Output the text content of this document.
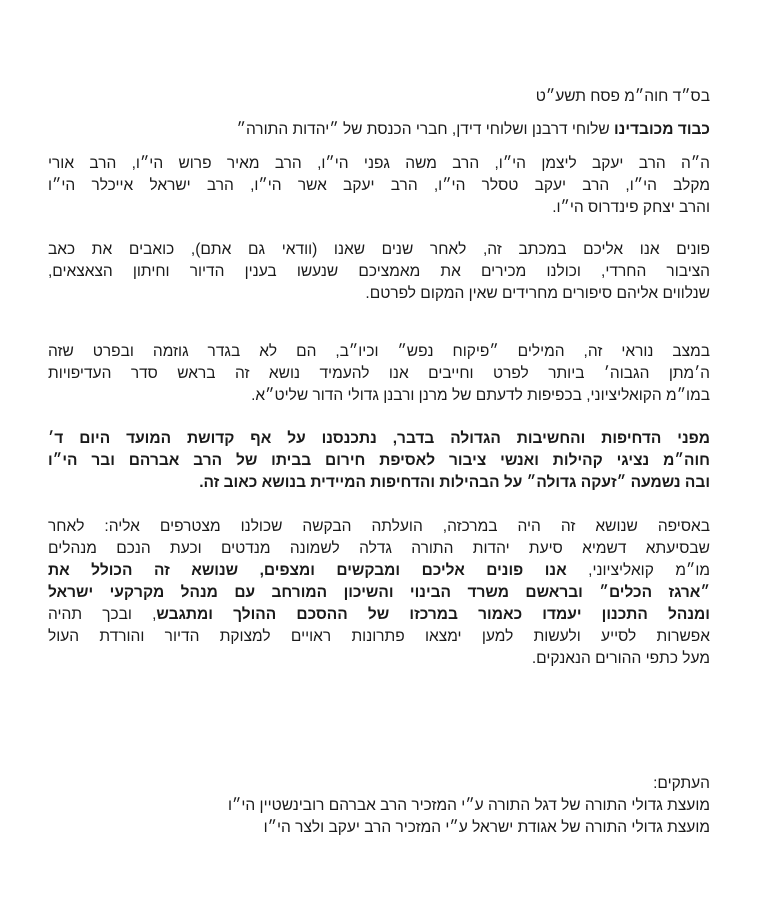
בס״ד חוה״מ פסח תשע״ט

כבוד מכובדינו שלוחי דרבנן ושלוחי דידן, חברי הכנסת של ״יהדות התורה״

ה״ה הרב יעקב ליצמן הי״ו, הרב משה גפני הי״ו, הרב מאיר פרוש הי״ו, הרב אורי
מקלב הי״ו, הרב יעקב טסלר הי״ו, הרב יעקב אשר הי״ו, הרב ישראל אייכלר הי״ו
והרב יצחק פינדרוס הי״ו.

פונים אנו אליכם במכתב זה, לאחר שנים שאנו (וודאי גם אתם), כואבים את כאב
הציבור החרדי, וכולנו מכירים את מאמציכם שנעשו בענין הדיור וחיתון הצאצאים,
שנלווים אליהם סיפורים מחרידים שאין המקום לפרטם.

במצב נוראי זה, המילים ״פיקוח נפש״ וכיו״ב, הם לא בגדר גוזמה ובפרט שזה
ה׳מתן הגבוה׳ ביותר לפרט וחייבים אנו להעמיד נושא זה בראש סדר העדיפויות
במו״מ הקואליציוני, בכפיפות לדעתם של מרנן ורבנן גדולי הדור שליט״א.

מפני הדחיפות והחשיבות הגדולה בדבר, נתכנסנו על אף קדושת המועד היום ד׳
חוה״מ נציגי קהילות ואנשי ציבור לאסיפת חירום בביתו של הרב אברהם ובר הי״ו
ובה נשמעה ״זעקה גדולה״ על הבהילות והדחיפות המיידית בנושא כאוב זה.

באסיפה שנושא זה היה במרכזה, הועלתה הבקשה שכולנו מצטרפים אליה: לאחר
שבסיעתא דשמיא סיעת יהדות התורה גדלה לשמונה מנדטים וכעת הנכם מנהלים
מו״מ קואליציוני, אנו פונים אליכם ומבקשים ומצפים, שנושא זה הכולל את
״ארגז הכלים״ ובראשם משרד הבינוי והשיכון המורחב עם מנהל מקרקעי ישראל
ומנהל התכנון יעמדו כאמור במרכזו של ההסכם ההולך ומתגבש, ובכך תהיה
אפשרות לסייע ולעשות למען ימצאו פתרונות ראויים למצוקת הדיור והורדת העול
מעל כתפי ההורים הנאנקים.

העתקים:
מועצת גדולי התורה של דגל התורה ע״י המזכיר הרב אברהם רובינשטיין הי״ו
מועצת גדולי התורה של אגודת ישראל ע״י המזכיר הרב יעקב ולצר הי״ו
